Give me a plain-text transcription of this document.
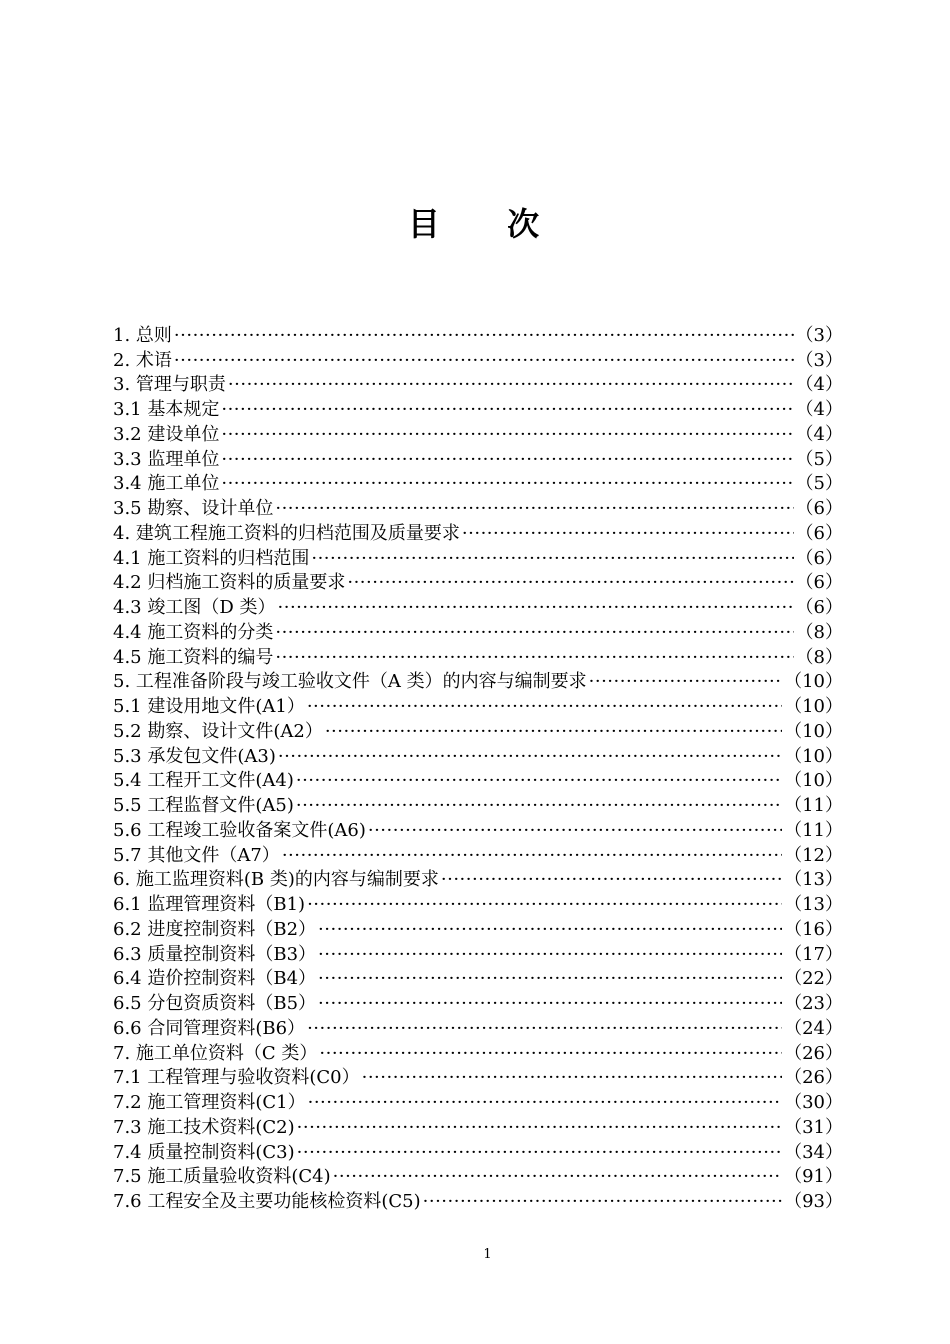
目 次
1. 总则 ·····	（3）
2. 术语 ·····	（3）
3. 管理与职责 ·····	（4）
3.1 基本规定 ·····	（4）
3.2 建设单位 ·····	（4）
3.3 监理单位 ·····	（5）
3.4 施工单位 ·····	（5）
3.5 勘察、设计单位 ·····	（6）
4. 建筑工程施工资料的归档范围及质量要求 ·····	（6）
4.1 施工资料的归档范围 ·····	（6）
4.2 归档施工资料的质量要求 ·····	（6）
4.3 竣工图（D 类） ·····	（6）
4.4 施工资料的分类 ·····	（8）
4.5 施工资料的编号 ·····	（8）
5. 工程准备阶段与竣工验收文件（A 类）的内容与编制要求 ·····	（10）
5.1 建设用地文件(A1） ·····	（10）
5.2 勘察、设计文件(A2） ·····	（10）
5.3 承发包文件(A3) ·····	（10）
5.4 工程开工文件(A4) ·····	（10）
5.5 工程监督文件(A5) ·····	（11）
5.6 工程竣工验收备案文件(A6) ·····	（11）
5.7 其他文件（A7） ·····	（12）
6. 施工监理资料(B 类)的内容与编制要求 ·····	（13）
6.1 监理管理资料（B1) ·····	（13）
6.2 进度控制资料（B2） ·····	（16）
6.3 质量控制资料（B3） ·····	（17）
6.4 造价控制资料（B4） ·····	（22）
6.5 分包资质资料（B5） ·····	（23）
6.6 合同管理资料(B6） ·····	（24）
7. 施工单位资料（C 类） ·····	（26）
7.1 工程管理与验收资料(C0） ·····	（26）
7.2 施工管理资料(C1） ·····	（30）
7.3 施工技术资料(C2) ·····	（31）
7.4 质量控制资料(C3) ·····	（34）
7.5 施工质量验收资料(C4) ·····	（91）
7.6 工程安全及主要功能核检资料(C5) ·····	（93）
1
